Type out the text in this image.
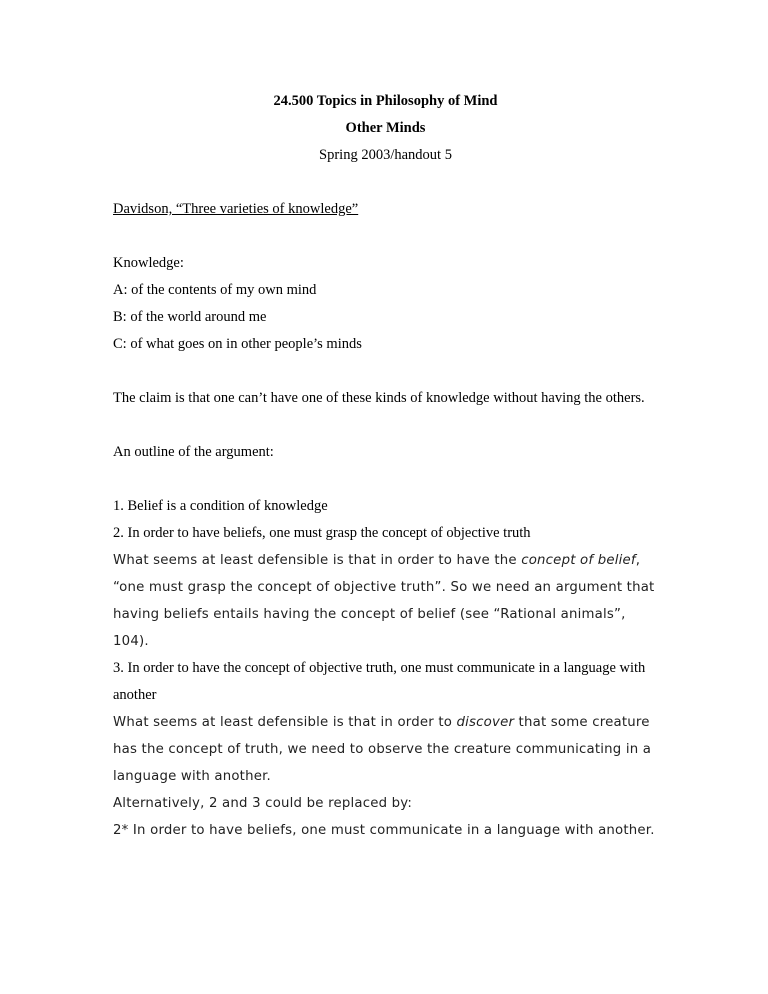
24.500 Topics in Philosophy of Mind

Other Minds

Spring 2003/handout 5

Davidson, “Three varieties of knowledge”

Knowledge:

A: of the contents of my own mind

B: of the world around me

C: of what goes on in other people’s minds

The claim is that one can’t have one of these kinds of knowledge without having the others.

An outline of the argument:

1. Belief is a condition of knowledge

2. In order to have beliefs, one must grasp the concept of objective truth

What seems at least defensible is that in order to have the concept of belief, “one must grasp the concept of objective truth”. So we need an argument that having beliefs entails having the concept of belief (see “Rational animals”, 104).

3. In order to have the concept of objective truth, one must communicate in a language with another

What seems at least defensible is that in order to discover that some creature has the concept of truth, we need to observe the creature communicating in a language with another.

Alternatively, 2 and 3 could be replaced by:

2* In order to have beliefs, one must communicate in a language with another.
